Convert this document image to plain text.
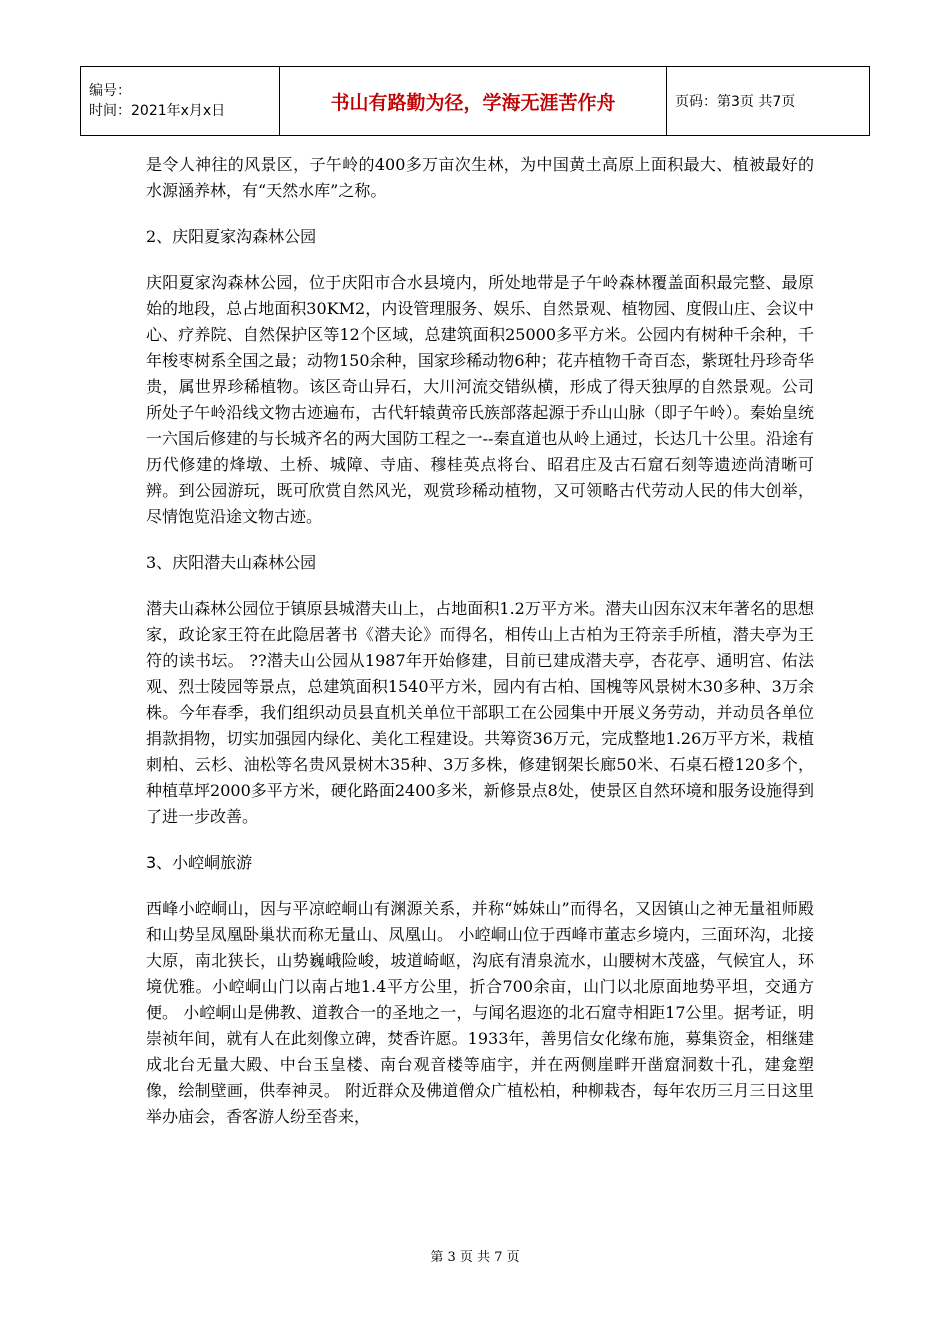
编号：
时间：2021年x月x日	书山有路勤为径，学海无涯苦作舟	页码：第3页 共7页

是令人神往的风景区，子午岭的400多万亩次生林，为中国黄土高原上面积最大、植被最好的水源涵养林，有“天然水库”之称。

2、庆阳夏家沟森林公园

庆阳夏家沟森林公园，位于庆阳市合水县境内，所处地带是子午岭森林覆盖面积最完整、最原始的地段，总占地面积30KM2，内设管理服务、娱乐、自然景观、植物园、度假山庄、会议中心、疗养院、自然保护区等12个区域，总建筑面积25000多平方米。公园内有树种千余种，千年梭枣树系全国之最；动物150余种，国家珍稀动物6种；花卉植物千奇百态，紫斑牡丹珍奇华贵，属世界珍稀植物。该区奇山异石，大川河流交错纵横，形成了得天独厚的自然景观。公司所处子午岭沿线文物古迹遍布，古代轩辕黄帝氏族部落起源于乔山山脉（即子午岭）。秦始皇统一六国后修建的与长城齐名的两大国防工程之一--秦直道也从岭上通过，长达几十公里。沿途有历代修建的烽墩、土桥、城障、寺庙、穆桂英点将台、昭君庄及古石窟石刻等遗迹尚清晰可辨。到公园游玩，既可欣赏自然风光，观赏珍稀动植物，又可领略古代劳动人民的伟大创举，尽情饱览沿途文物古迹。

3、庆阳潜夫山森林公园

潜夫山森林公园位于镇原县城潜夫山上，占地面积1.2万平方米。潜夫山因东汉末年著名的思想家，政论家王符在此隐居著书《潜夫论》而得名，相传山上古柏为王符亲手所植，潜夫亭为王符的读书坛。 ??潜夫山公园从1987年开始修建，目前已建成潜夫亭，杏花亭、通明宫、佑法观、烈士陵园等景点，总建筑面积1540平方米，园内有古柏、国槐等风景树木30多种、3万余株。今年春季，我们组织动员县直机关单位干部职工在公园集中开展义务劳动，并动员各单位捐款捐物，切实加强园内绿化、美化工程建设。共筹资36万元，完成整地1.26万平方米，栽植刺柏、云杉、油松等名贵风景树木35种、3万多株，修建钢架长廊50米、石桌石橙120多个，种植草坪2000多平方米，硬化路面2400多米，新修景点8处，使景区自然环境和服务设施得到了进一步改善。

3、小崆峒旅游

西峰小崆峒山，因与平凉崆峒山有渊源关系，并称“姊妹山”而得名，又因镇山之神无量祖师殿和山势呈凤凰卧巢状而称无量山、凤凰山。 小崆峒山位于西峰市董志乡境内，三面环沟，北接大原，南北狭长，山势巍峨险峻，坡道崎岖，沟底有清泉流水，山腰树木茂盛，气候宜人，环境优雅。小崆峒山门以南占地1.4平方公里，折合700余亩，山门以北原面地势平坦，交通方便。 小崆峒山是佛教、道教合一的圣地之一，与闻名遐迩的北石窟寺相距17公里。据考证，明崇祯年间，就有人在此刻像立碑，焚香许愿。1933年，善男信女化缘布施，募集资金，相继建成北台无量大殿、中台玉皇楼、南台观音楼等庙宇，并在两侧崖畔开凿窟洞数十孔，建龛塑像，绘制壁画，供奉神灵。 附近群众及佛道僧众广植松柏，种柳栽杏，每年农历三月三日这里举办庙会，香客游人纷至沓来，

第 3 页 共 7 页
